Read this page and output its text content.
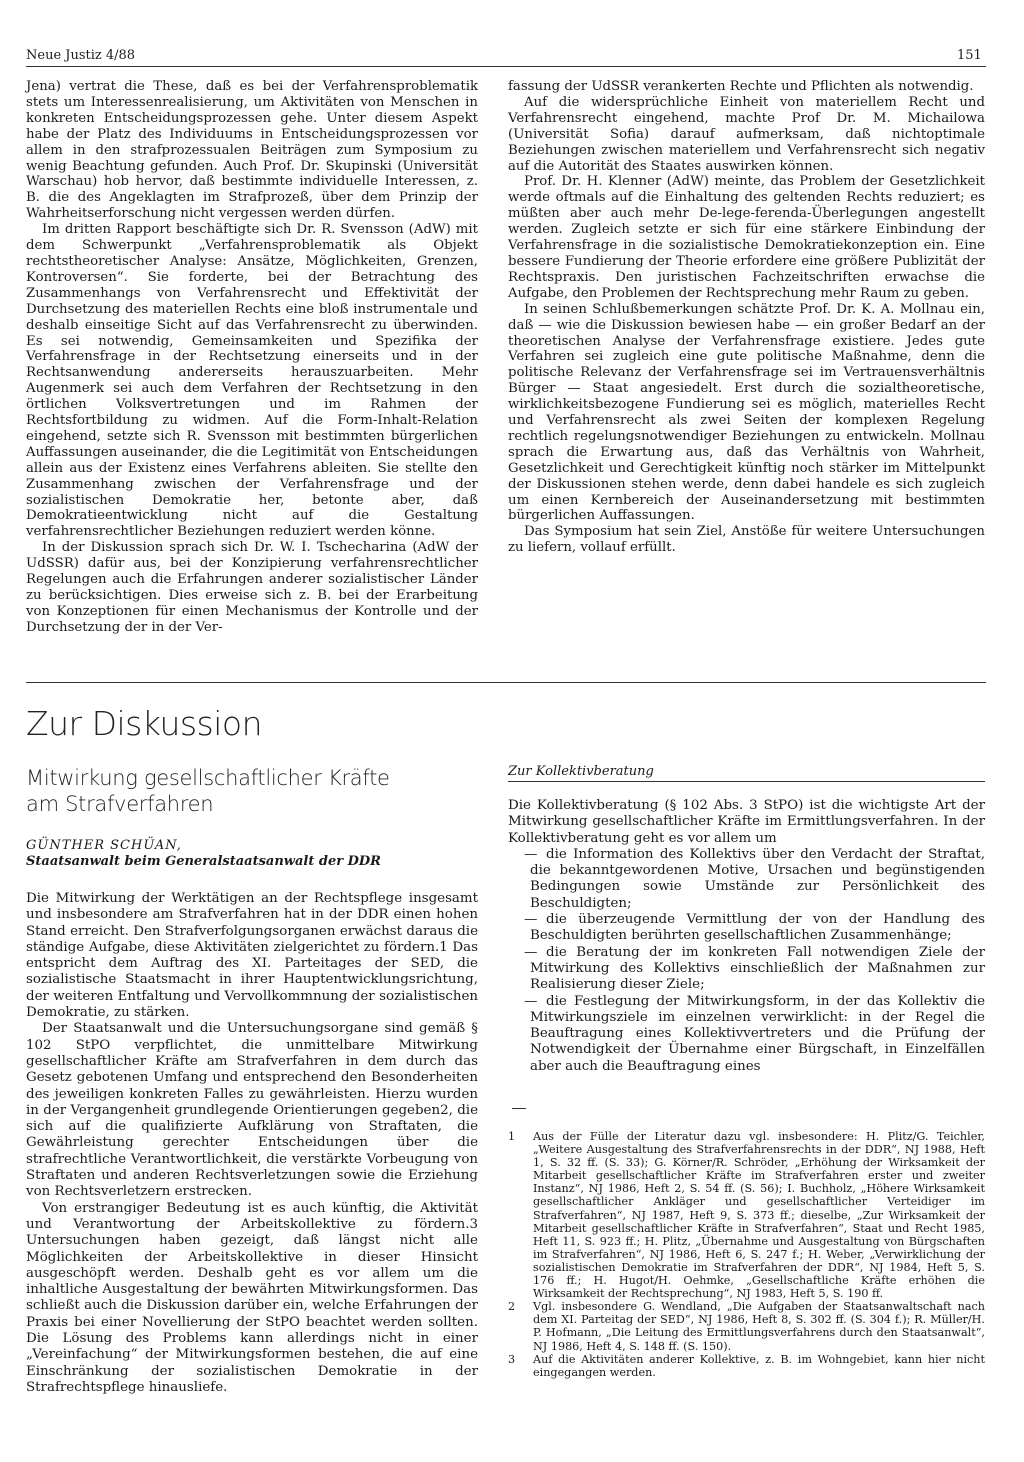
Neue Justiz 4/88	151

Jena) vertrat die These, daß es bei der Verfahrensproblematik stets um Interessenrealisierung, um Aktivitäten von Menschen in konkreten Entscheidungsprozessen gehe. Unter diesem Aspekt habe der Platz des Individuums in Entscheidungsprozessen vor allem in den strafprozessualen Beiträgen zum Symposium zu wenig Beachtung gefunden. Auch Prof. Dr. Skupinski (Universität Warschau) hob hervor, daß bestimmte individuelle Interessen, z. B. die des Angeklagten im Strafprozeß, über dem Prinzip der Wahrheitserforschung nicht vergessen werden dürfen.

Im dritten Rapport beschäftigte sich Dr. R. Svensson (AdW) mit dem Schwerpunkt „Verfahrensproblematik als Objekt rechtstheoretischer Analyse: Ansätze, Möglichkeiten, Grenzen, Kontroversen“. Sie forderte, bei der Betrachtung des Zusammenhangs von Verfahrensrecht und Effektivität der Durchsetzung des materiellen Rechts eine bloß instrumentale und deshalb einseitige Sicht auf das Verfahrensrecht zu überwinden. Es sei notwendig, Gemeinsamkeiten und Spezifika der Verfahrensfrage in der Rechtsetzung einerseits und in der Rechtsanwendung andererseits herauszuarbeiten. Mehr Augenmerk sei auch dem Verfahren der Rechtsetzung in den örtlichen Volksvertretungen und im Rahmen der Rechtsfortbildung zu widmen. Auf die Form-Inhalt-Relation eingehend, setzte sich R. Svensson mit bestimmten bürgerlichen Auffassungen auseinander, die die Legitimität von Entscheidungen allein aus der Existenz eines Verfahrens ableiten. Sie stellte den Zusammenhang zwischen der Verfahrensfrage und der sozialistischen Demokratie her, betonte aber, daß Demokratieentwicklung nicht auf die Gestaltung verfahrensrechtlicher Beziehungen reduziert werden könne.

In der Diskussion sprach sich Dr. W. I. Tschecharina (AdW der UdSSR) dafür aus, bei der Konzipierung verfahrensrechtlicher Regelungen auch die Erfahrungen anderer sozialistischer Länder zu berücksichtigen. Dies erweise sich z. B. bei der Erarbeitung von Konzeptionen für einen Mechanismus der Kontrolle und der Durchsetzung der in der Ver-

fassung der UdSSR verankerten Rechte und Pflichten als notwendig.

Auf die widersprüchliche Einheit von materiellem Recht und Verfahrensrecht eingehend, machte Prof Dr. M. Michailowa (Universität Sofia) darauf aufmerksam, daß nichtoptimale Beziehungen zwischen materiellem und Verfahrensrecht sich negativ auf die Autorität des Staates auswirken können.

Prof. Dr. H. Klenner (AdW) meinte, das Problem der Gesetzlichkeit werde oftmals auf die Einhaltung des geltenden Rechts reduziert; es müßten aber auch mehr De-lege-ferenda-Überlegungen angestellt werden. Zugleich setzte er sich für eine stärkere Einbindung der Verfahrensfrage in die sozialistische Demokratiekonzeption ein. Eine bessere Fundierung der Theorie erfordere eine größere Publizität der Rechtspraxis. Den juristischen Fachzeitschriften erwachse die Aufgabe, den Problemen der Rechtsprechung mehr Raum zu geben.

In seinen Schlußbemerkungen schätzte Prof. Dr. K. A. Mollnau ein, daß — wie die Diskussion bewiesen habe — ein großer Bedarf an der theoretischen Analyse der Verfahrensfrage existiere. Jedes gute Verfahren sei zugleich eine gute politische Maßnahme, denn die politische Relevanz der Verfahrensfrage sei im Vertrauensverhältnis Bürger — Staat angesiedelt. Erst durch die sozialtheoretische, wirklichkeitsbezogene Fundierung sei es möglich, materielles Recht und Verfahrensrecht als zwei Seiten der komplexen Regelung rechtlich regelungsnotwendiger Beziehungen zu entwickeln. Mollnau sprach die Erwartung aus, daß das Verhältnis von Wahrheit, Gesetzlichkeit und Gerechtigkeit künftig noch stärker im Mittelpunkt der Diskussionen stehen werde, denn dabei handele es sich zugleich um einen Kernbereich der Auseinandersetzung mit bestimmten bürgerlichen Auffassungen.

Das Symposium hat sein Ziel, Anstöße für weitere Untersuchungen zu liefern, vollauf erfüllt.

Zur Diskussion
Mitwirkung gesellschaftlicher Kräfte
am Strafverfahren
GÜNTHER SCHÜAN,
Staatsanwalt beim Generalstaatsanwalt der DDR

Die Mitwirkung der Werktätigen an der Rechtspflege insgesamt und insbesondere am Strafverfahren hat in der DDR einen hohen Stand erreicht. Den Strafverfolgungsorganen erwächst daraus die ständige Aufgabe, diese Aktivitäten zielgerichtet zu fördern.1 Das entspricht dem Auftrag des XI. Parteitages der SED, die sozialistische Staatsmacht in ihrer Hauptentwicklungsrichtung, der weiteren Entfaltung und Vervollkommnung der sozialistischen Demokratie, zu stärken.

Der Staatsanwalt und die Untersuchungsorgane sind gemäß § 102 StPO verpflichtet, die unmittelbare Mitwirkung gesellschaftlicher Kräfte am Strafverfahren in dem durch das Gesetz gebotenen Umfang und entsprechend den Besonderheiten des jeweiligen konkreten Falles zu gewährleisten. Hierzu wurden in der Vergangenheit grundlegende Orientierungen gegeben2, die sich auf die qualifizierte Aufklärung von Straftaten, die Gewährleistung gerechter Entscheidungen über die strafrechtliche Verantwortlichkeit, die verstärkte Vorbeugung von Straftaten und anderen Rechtsverletzungen sowie die Erziehung von Rechtsverletzern erstrecken.

Von erstrangiger Bedeutung ist es auch künftig, die Aktivität und Verantwortung der Arbeitskollektive zu fördern.3 Untersuchungen haben gezeigt, daß längst nicht alle Möglichkeiten der Arbeitskollektive in dieser Hinsicht ausgeschöpft werden. Deshalb geht es vor allem um die inhaltliche Ausgestaltung der bewährten Mitwirkungsformen. Das schließt auch die Diskussion darüber ein, welche Erfahrungen der Praxis bei einer Novellierung der StPO beachtet werden sollten. Die Lösung des Problems kann allerdings nicht in einer „Vereinfachung“ der Mitwirkungsformen bestehen, die auf eine Einschränkung der sozialistischen Demokratie in der Strafrechtspflege hinausliefe.

Zur Kollektivberatung

Die Kollektivberatung (§ 102 Abs. 3 StPO) ist die wichtigste Art der Mitwirkung gesellschaftlicher Kräfte im Ermittlungsverfahren. In der Kollektivberatung geht es vor allem um

— die Information des Kollektivs über den Verdacht der Straftat, die bekanntgewordenen Motive, Ursachen und begünstigenden Bedingungen sowie Umstände zur Persönlichkeit des Beschuldigten;

— die überzeugende Vermittlung der von der Handlung des Beschuldigten berührten gesellschaftlichen Zusammenhänge;

— die Beratung der im konkreten Fall notwendigen Ziele der Mitwirkung des Kollektivs einschließlich der Maßnahmen zur Realisierung dieser Ziele;

— die Festlegung der Mitwirkungsform, in der das Kollektiv die Mitwirkungsziele im einzelnen verwirklicht: in der Regel die Beauftragung eines Kollektivvertreters und die Prüfung der Notwendigkeit der Übernahme einer Bürgschaft, in Einzelfällen aber auch die Beauftragung eines

1 Aus der Fülle der Literatur dazu vgl. insbesondere: H. Plitz/G. Teichler, „Weitere Ausgestaltung des Strafverfahrensrechts in der DDR“, NJ 1988, Heft 1, S. 32 ff. (S. 33); G. Körner/R. Schröder, „Erhöhung der Wirksamkeit der Mitarbeit gesellschaftlicher Kräfte im Strafverfahren erster und zweiter Instanz“, NJ 1986, Heft 2, S. 54 ff. (S. 56); I. Buchholz, „Höhere Wirksamkeit gesellschaftlicher Ankläger und gesellschaftlicher Verteidiger im Strafverfahren“, NJ 1987, Heft 9, S. 373 ff.; dieselbe, „Zur Wirksamkeit der Mitarbeit gesellschaftlicher Kräfte in Strafverfahren“, Staat und Recht 1985, Heft 11, S. 923 ff.; H. Plitz, „Übernahme und Ausgestaltung von Bürgschaften im Strafverfahren“, NJ 1986, Heft 6, S. 247 f.; H. Weber, „Verwirklichung der sozialistischen Demokratie im Strafverfahren der DDR“, NJ 1984, Heft 5, S. 176 ff.; H. Hugot/H. Oehmke, „Gesellschaftliche Kräfte erhöhen die Wirksamkeit der Rechtsprechung“, NJ 1983, Heft 5, S. 190 ff.
2 Vgl. insbesondere G. Wendland, „Die Aufgaben der Staatsanwaltschaft nach dem XI. Parteitag der SED“, NJ 1986, Heft 8, S. 302 ff. (S. 304 f.); R. Müller/H. P. Hofmann, „Die Leitung des Ermittlungsverfahrens durch den Staatsanwalt“, NJ 1986, Heft 4, S. 148 ff. (S. 150).
3 Auf die Aktivitäten anderer Kollektive, z. B. im Wohngebiet, kann hier nicht eingegangen werden.
